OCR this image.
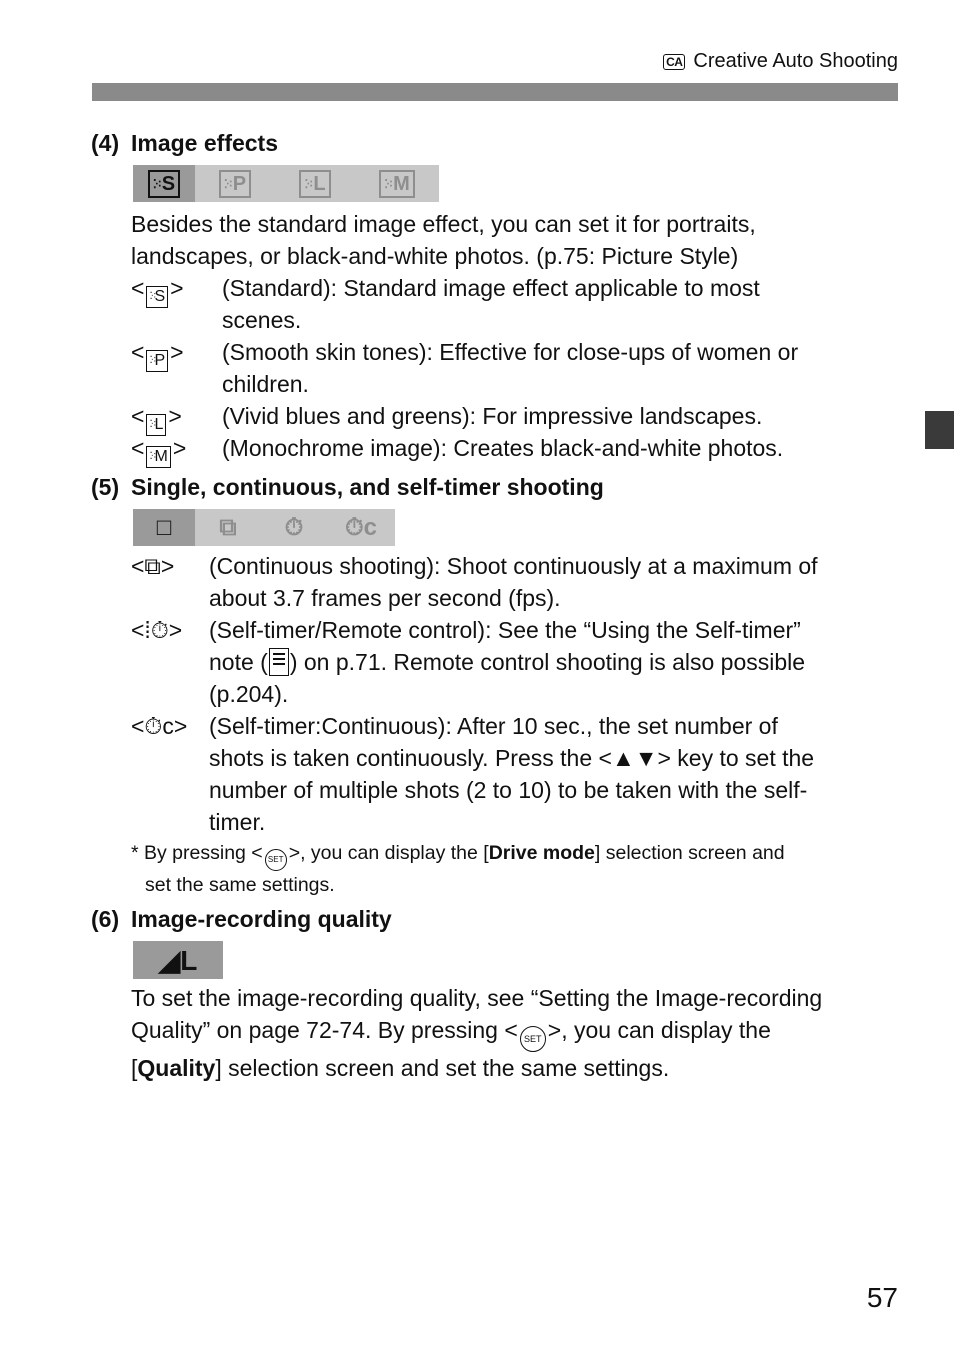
CA Creative Auto Shooting
(4) Image effects
⁚⁖ S	⁚⁖ P	⁚⁖ L	⁚⁖ M
Besides the standard image effect, you can set it for portraits,
landscapes, or black-and-white photos. (p.75: Picture Style)
< ⁚⁖ S >	(Standard): Standard image effect applicable to most
scenes.
< ⁚⁖ P >	(Smooth skin tones): Effective for close-ups of women or
children.
< ⁚⁖ L >	(Vivid blues and greens): For impressive landscapes.
< ⁚⁖ M >	(Monochrome image): Creates black-and-white photos.
(5) Single, continuous, and self-timer shooting
□	⧉	⏱	⏱c
<⧉>	(Continuous shooting): Shoot continuously at a maximum of
about 3.7 frames per second (fps).
<⁞⏱>	(Self-timer/Remote control): See the “Using the Self-timer”
note ( ) on p.71. Remote control shooting is also possible
(p.204).
<⏱c> (Self-timer:Continuous): After 10 sec., the set number of
shots is taken continuously. Press the <▲▼> key to set the
number of multiple shots (2 to 10) to be taken with the self-
timer.
* By pressing < SET >, you can display the [Drive mode] selection screen and
set the same settings.
(6) Image-recording quality
◢L
To set the image-recording quality, see “Setting the Image-recording
Quality” on page 72-74. By pressing < SET >, you can display the
[Quality] selection screen and set the same settings.
57
